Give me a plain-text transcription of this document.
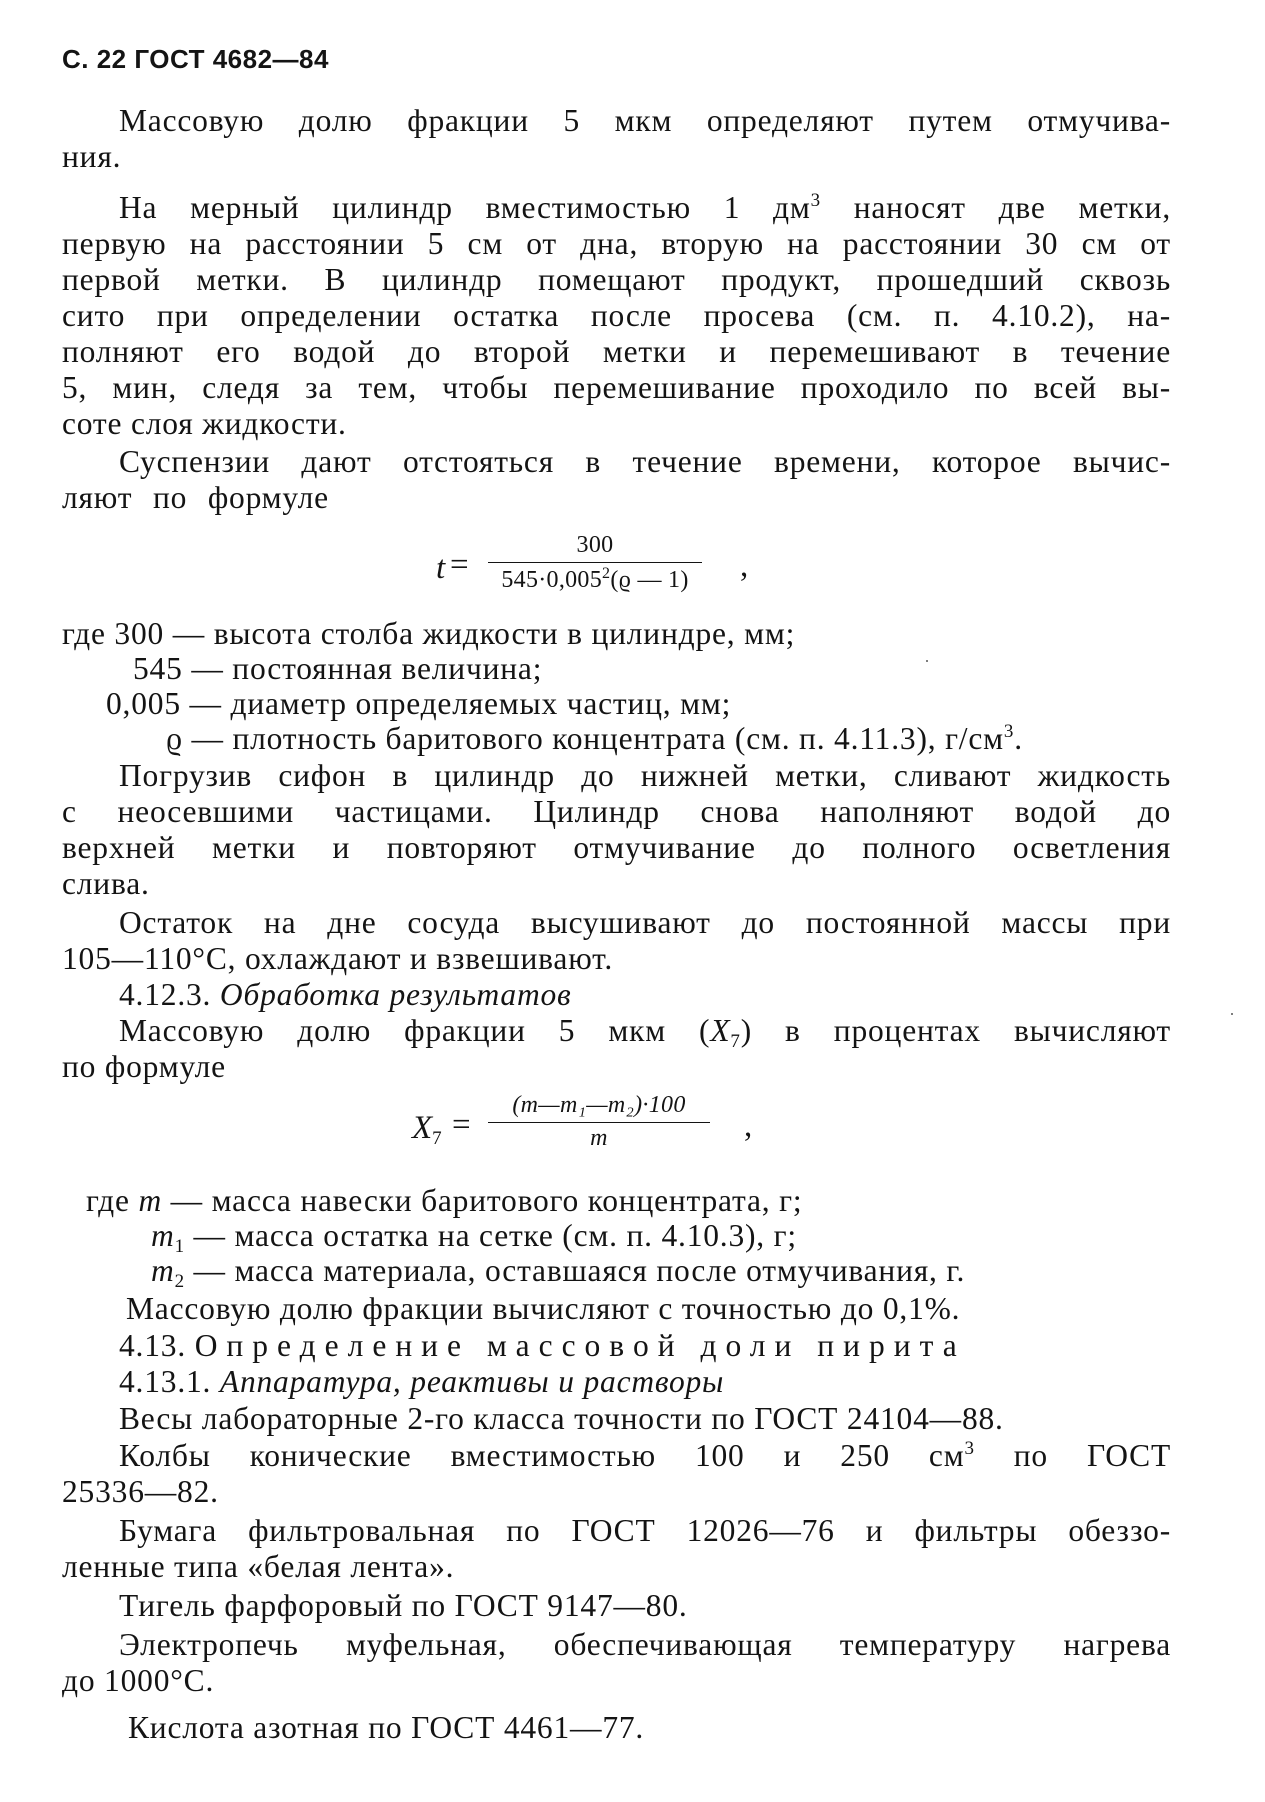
С. 22 ГОСТ 4682—84
Массовую долю фракции 5 мкм определяют путем отмучива-
ния.
На мерный цилиндр вместимостью 1 $дм^3$ наносят две метки,
первую на расстоянии 5 см от дна, вторую на расстоянии 30 см от
первой метки. В цилиндр помещают продукт, прошедший сквозь
сито при определении остатка после просева (см. п. 4.10.2), на-
полняют его водой до второй метки и перемешивают в течение
5, мин, следя за тем, чтобы перемешивание проходило по всей вы-
соте слоя жидкости.
Суспензии дают отстояться в течение времени, которое вычис-
ляют по формуле
t =
300
$545\cdot 0,005^2(ϱ$ — 1)	,
где 300 — высота столба жидкости в цилиндре, мм;
545 — постоянная величина;
0,005 — диаметр определяемых частиц, мм;
ϱ — плотность баритового концентрата (см. п. 4.11.3), $г/см^3$.
Погрузив сифон в цилиндр до нижней метки, сливают жидкость
с неосевшими частицами. Цилиндр снова наполняют водой до
верхней метки и повторяют отмучивание до полного осветления
слива.
Остаток на дне сосуда высушивают до постоянной массы при
105—110°С, охлаждают и взвешивают.
4.12.3. Обработка результатов
Массовую долю фракции 5 мкм $(X_7)$ в процентах вычисляют
по формуле
$X_7$ =
(m—m₁—m₂)·100
m	,
где m — масса навески баритового концентрата, г;
$m_1$ — масса остатка на сетке (см. п. 4.10.3), г;
$m_2$ — масса материала, оставшаяся после отмучивания, г.
Массовую долю фракции вычисляют с точностью до 0,1%.
4.13. Определение массовой доли пирита
4.13.1. Аппаратура, реактивы и растворы
Весы лабораторные 2-го класса точности по ГОСТ 24104—88.
Колбы конические вместимостью 100 и 250 $см^3$ по ГОСТ
25336—82.
Бумага фильтровальная по ГОСТ 12026—76 и фильтры обеззо-
ленные типа «белая лента».
Тигель фарфоровый по ГОСТ 9147—80.
Электропечь муфельная, обеспечивающая температуру нагрева
до 1000°С.
Кислота азотная по ГОСТ 4461—77.
